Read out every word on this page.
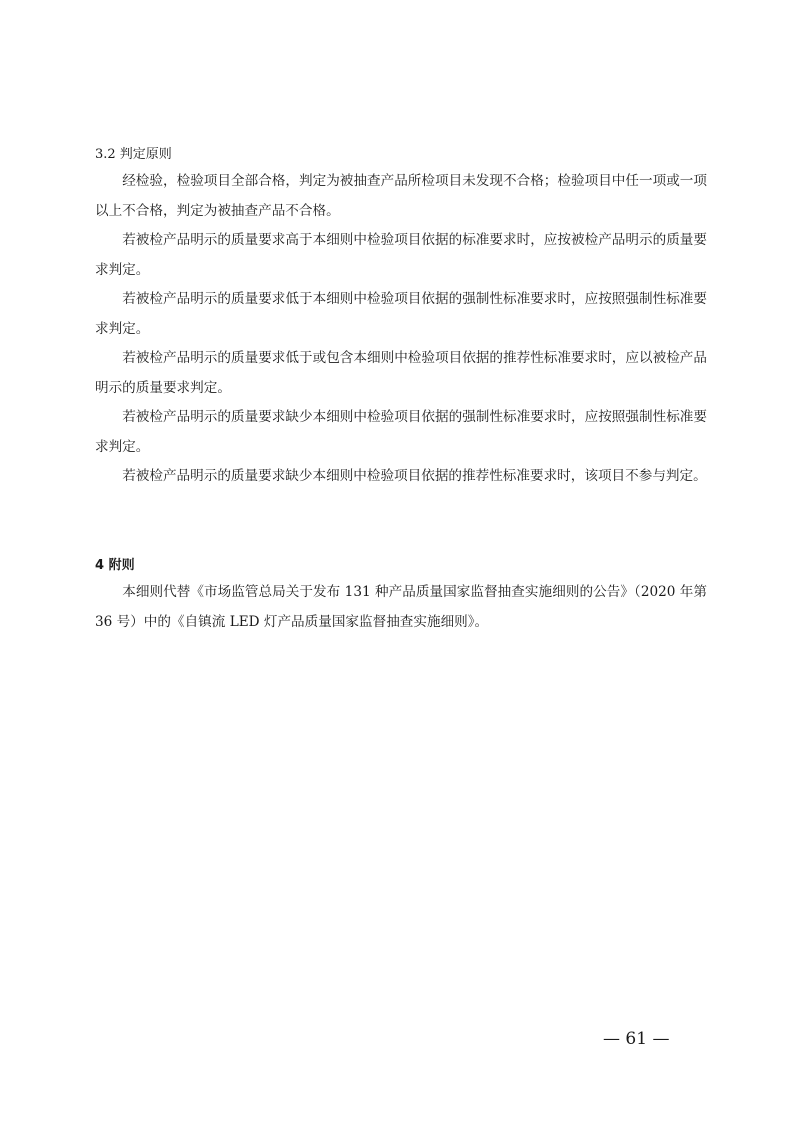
3.2 判定原则

经检验，检验项目全部合格，判定为被抽查产品所检项目未发现不合格；检验项目中任一项或一项以上不合格，判定为被抽查产品不合格。

若被检产品明示的质量要求高于本细则中检验项目依据的标准要求时，应按被检产品明示的质量要求判定。

若被检产品明示的质量要求低于本细则中检验项目依据的强制性标准要求时，应按照强制性标准要求判定。

若被检产品明示的质量要求低于或包含本细则中检验项目依据的推荐性标准要求时，应以被检产品明示的质量要求判定。

若被检产品明示的质量要求缺少本细则中检验项目依据的强制性标准要求时，应按照强制性标准要求判定。

若被检产品明示的质量要求缺少本细则中检验项目依据的推荐性标准要求时，该项目不参与判定。

4 附则

本细则代替《市场监管总局关于发布 131 种产品质量国家监督抽查实施细则的公告》（2020 年第 36 号）中的《自镇流 LED 灯产品质量国家监督抽查实施细则》。

— 61 —
